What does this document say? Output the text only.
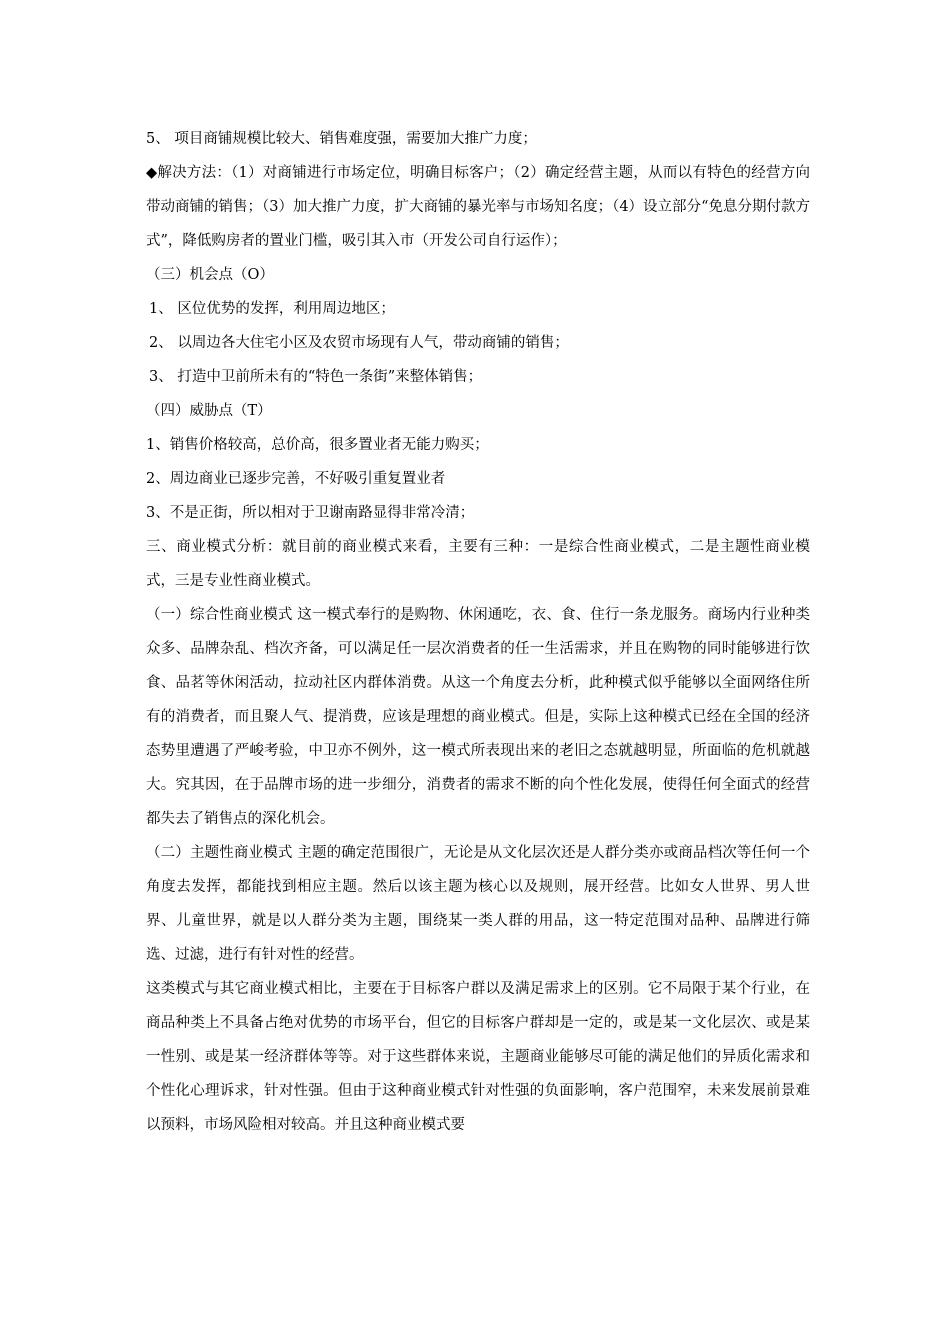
5、 项目商铺规模比较大、销售难度强，需要加大推广力度；

◆解决方法：（1）对商铺进行市场定位，明确目标客户；（2）确定经营主题，从而以有特色的经营方向带动商铺的销售；（3）加大推广力度，扩大商铺的暴光率与市场知名度；（4）设立部分“免息分期付款方式”，降低购房者的置业门槛，吸引其入市（开发公司自行运作）；

（三）机会点（O）

1、 区位优势的发挥，利用周边地区；

2、 以周边各大住宅小区及农贸市场现有人气，带动商铺的销售；

3、 打造中卫前所未有的“特色一条街”来整体销售；

（四）威胁点（T）

1、销售价格较高，总价高，很多置业者无能力购买；

2、周边商业已逐步完善，不好吸引重复置业者

3、不是正街，所以相对于卫谢南路显得非常冷清；

三、商业模式分析：就目前的商业模式来看，主要有三种：一是综合性商业模式，二是主题性商业模式，三是专业性商业模式。

（一）综合性商业模式 这一模式奉行的是购物、休闲通吃，衣、食、住行一条龙服务。商场内行业种类众多、品牌杂乱、档次齐备，可以满足任一层次消费者的任一生活需求，并且在购物的同时能够进行饮食、品茗等休闲活动，拉动社区内群体消费。从这一个角度去分析，此种模式似乎能够以全面网络住所有的消费者，而且聚人气、提消费，应该是理想的商业模式。但是，实际上这种模式已经在全国的经济态势里遭遇了严峻考验，中卫亦不例外，这一模式所表现出来的老旧之态就越明显，所面临的危机就越大。究其因，在于品牌市场的进一步细分，消费者的需求不断的向个性化发展，使得任何全面式的经营都失去了销售点的深化机会。

（二）主题性商业模式 主题的确定范围很广，无论是从文化层次还是人群分类亦或商品档次等任何一个角度去发挥，都能找到相应主题。然后以该主题为核心以及规则，展开经营。比如女人世界、男人世界、儿童世界，就是以人群分类为主题，围绕某一类人群的用品，这一特定范围对品种、品牌进行筛选、过滤，进行有针对性的经营。

这类模式与其它商业模式相比，主要在于目标客户群以及满足需求上的区别。它不局限于某个行业，在商品种类上不具备占绝对优势的市场平台，但它的目标客户群却是一定的，或是某一文化层次、或是某一性别、或是某一经济群体等等。对于这些群体来说，主题商业能够尽可能的满足他们的异质化需求和个性化心理诉求，针对性强。但由于这种商业模式针对性强的负面影响，客户范围窄，未来发展前景难以预料，市场风险相对较高。并且这种商业模式要
